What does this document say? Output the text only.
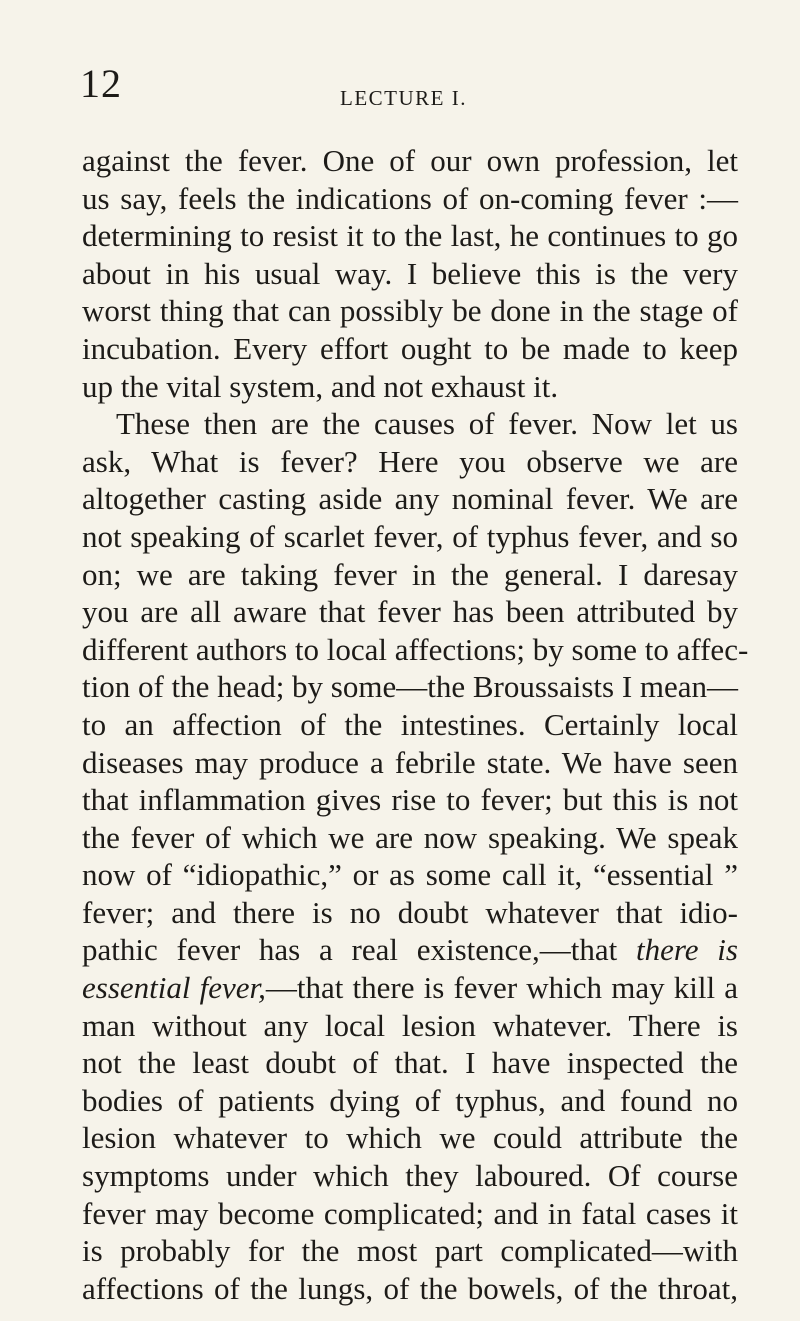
12	LECTURE I.
against the fever. One of our own profession, let
us say, feels the indications of on-coming fever :—
determining to resist it to the last, he continues to go
about in his usual way. I believe this is the very
worst thing that can possibly be done in the stage of
incubation. Every effort ought to be made to keep
up the vital system, and not exhaust it.
These then are the causes of fever. Now let us
ask, What is fever? Here you observe we are
altogether casting aside any nominal fever. We are
not speaking of scarlet fever, of typhus fever, and so
on; we are taking fever in the general. I daresay
you are all aware that fever has been attributed by
different authors to local affections; by some to affec-
tion of the head; by some—the Broussaists I mean—
to an affection of the intestines. Certainly local
diseases may produce a febrile state. We have seen
that inflammation gives rise to fever; but this is not
the fever of which we are now speaking. We speak
now of “idiopathic,” or as some call it, “essential ”
fever; and there is no doubt whatever that idio-
pathic fever has a real existence,—that there is
essential fever,—that there is fever which may kill a
man without any local lesion whatever. There is
not the least doubt of that. I have inspected the
bodies of patients dying of typhus, and found no
lesion whatever to which we could attribute the
symptoms under which they laboured. Of course
fever may become complicated; and in fatal cases it
is probably for the most part complicated—with
affections of the lungs, of the bowels, of the throat,
